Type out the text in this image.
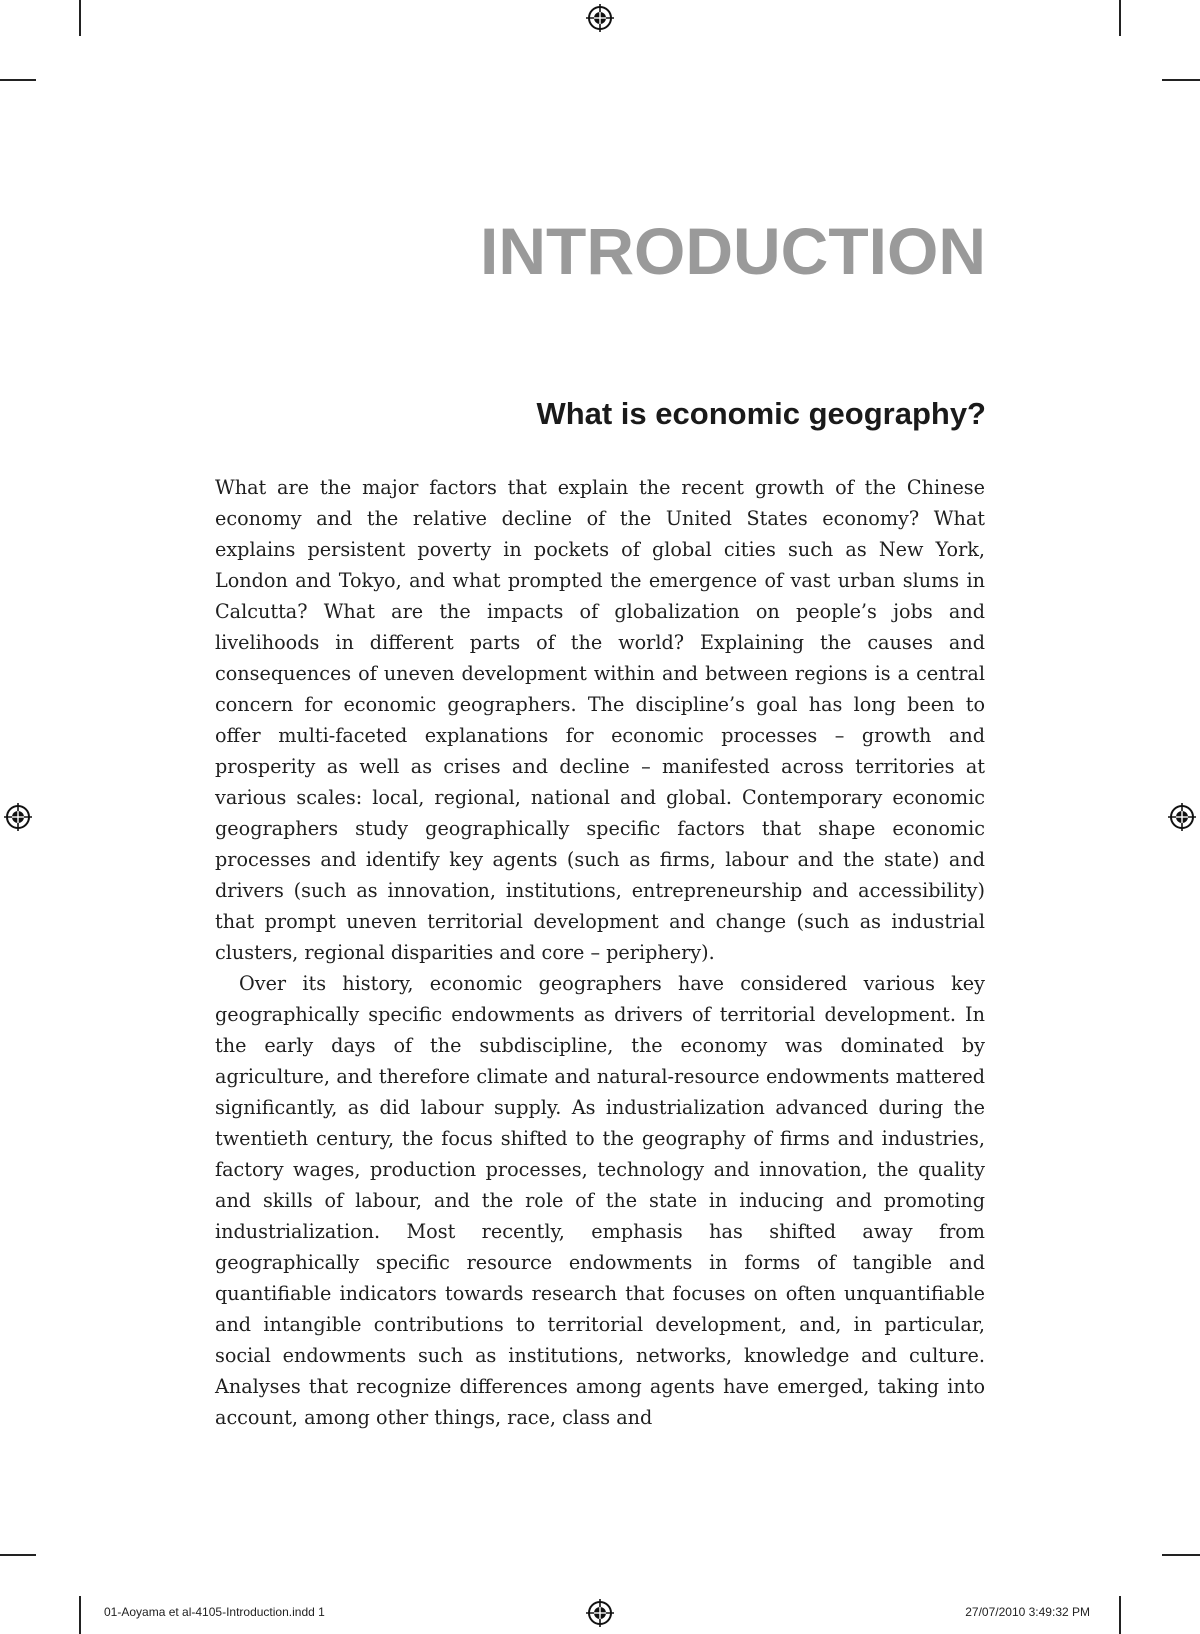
INTRODUCTION
What is economic geography?

What are the major factors that explain the recent growth of the Chinese economy and the relative decline of the United States economy? What explains persistent poverty in pockets of global cities such as New York, London and Tokyo, and what prompted the emergence of vast urban slums in Calcutta? What are the impacts of globalization on people’s jobs and livelihoods in different parts of the world? Explaining the causes and consequences of uneven development within and between regions is a central concern for economic geographers. The discipline’s goal has long been to offer multi-faceted explanations for economic processes – growth and prosperity as well as crises and decline – manifested across territories at various scales: local, regional, national and global. Contemporary economic geographers study geographically specific factors that shape economic processes and identify key agents (such as firms, labour and the state) and drivers (such as innovation, institutions, entrepreneurship and accessibility) that prompt uneven territorial development and change (such as industrial clusters, regional disparities and core – periphery).

Over its history, economic geographers have considered various key geographically specific endowments as drivers of territorial development. In the early days of the subdiscipline, the economy was dominated by agriculture, and therefore climate and natural-resource endowments mattered significantly, as did labour supply. As industrialization advanced during the twentieth century, the focus shifted to the geography of firms and industries, factory wages, production processes, technology and innovation, the quality and skills of labour, and the role of the state in inducing and promoting industrialization. Most recently, emphasis has shifted away from geographically specific resource endowments in forms of tangible and quantifiable indicators towards research that focuses on often unquantifiable and intangible contributions to territorial development, and, in particular, social endowments such as institutions, networks, knowledge and culture. Analyses that recognize differences among agents have emerged, taking into account, among other things, race, class and

01-Aoyama et al-4105-Introduction.indd 1	27/07/2010 3:49:32 PM
